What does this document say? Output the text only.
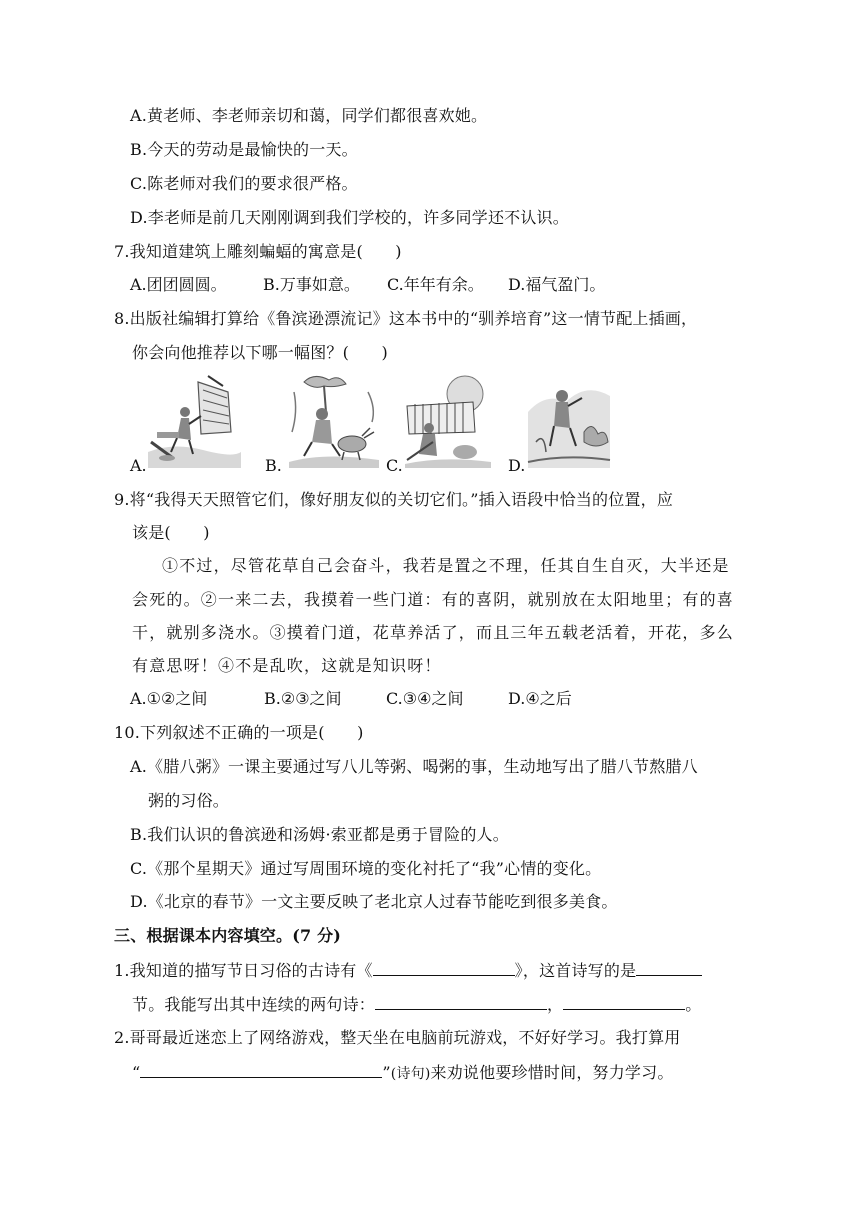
A.黄老师、李老师亲切和蔼，同学们都很喜欢她。
B.今天的劳动是最愉快的一天。
C.陈老师对我们的要求很严格。
D.李老师是前几天刚刚调到我们学校的，许多同学还不认识。
7.我知道建筑上雕刻蝙蝠的寓意是(　　)
A.团团圆圆。 B.万事如意。 C.年年有余。 D.福气盈门。
8.出版社编辑打算给《鲁滨逊漂流记》这本书中的“驯养培育”这一情节配上插画，
你会向他推荐以下哪一幅图？(　　)
A.	B.	C.	D.
9.将“我得天天照管它们，像好朋友似的关切它们。”插入语段中恰当的位置，应
该是(　　)
①不过，尽管花草自己会奋斗，我若是置之不理，任其自生自灭，大半还是
会死的。②一来二去，我摸着一些门道：有的喜阴，就别放在太阳地里；有的喜
干，就别多浇水。③摸着门道，花草养活了，而且三年五载老活着，开花，多么
有意思呀！④不是乱吹，这就是知识呀！
A.①②之间	B.②③之间	C.③④之间	D.④之后
10.下列叙述不正确的一项是(　　)
A.《腊八粥》一课主要通过写八儿等粥、喝粥的事，生动地写出了腊八节熬腊八
粥的习俗。
B.我们认识的鲁滨逊和汤姆·索亚都是勇于冒险的人。
C.《那个星期天》通过写周围环境的变化衬托了“我”心情的变化。
D.《北京的春节》一文主要反映了老北京人过春节能吃到很多美食。
三、根据课本内容填空。(7 分)
1.我知道的描写节日习俗的古诗有《	》，这首诗写的是
节。我能写出其中连续的两句诗：	，	。
2.哥哥最近迷恋上了网络游戏，整天坐在电脑前玩游戏，不好好学习。我打算用
“	”(诗句)来劝说他要珍惜时间，努力学习。
